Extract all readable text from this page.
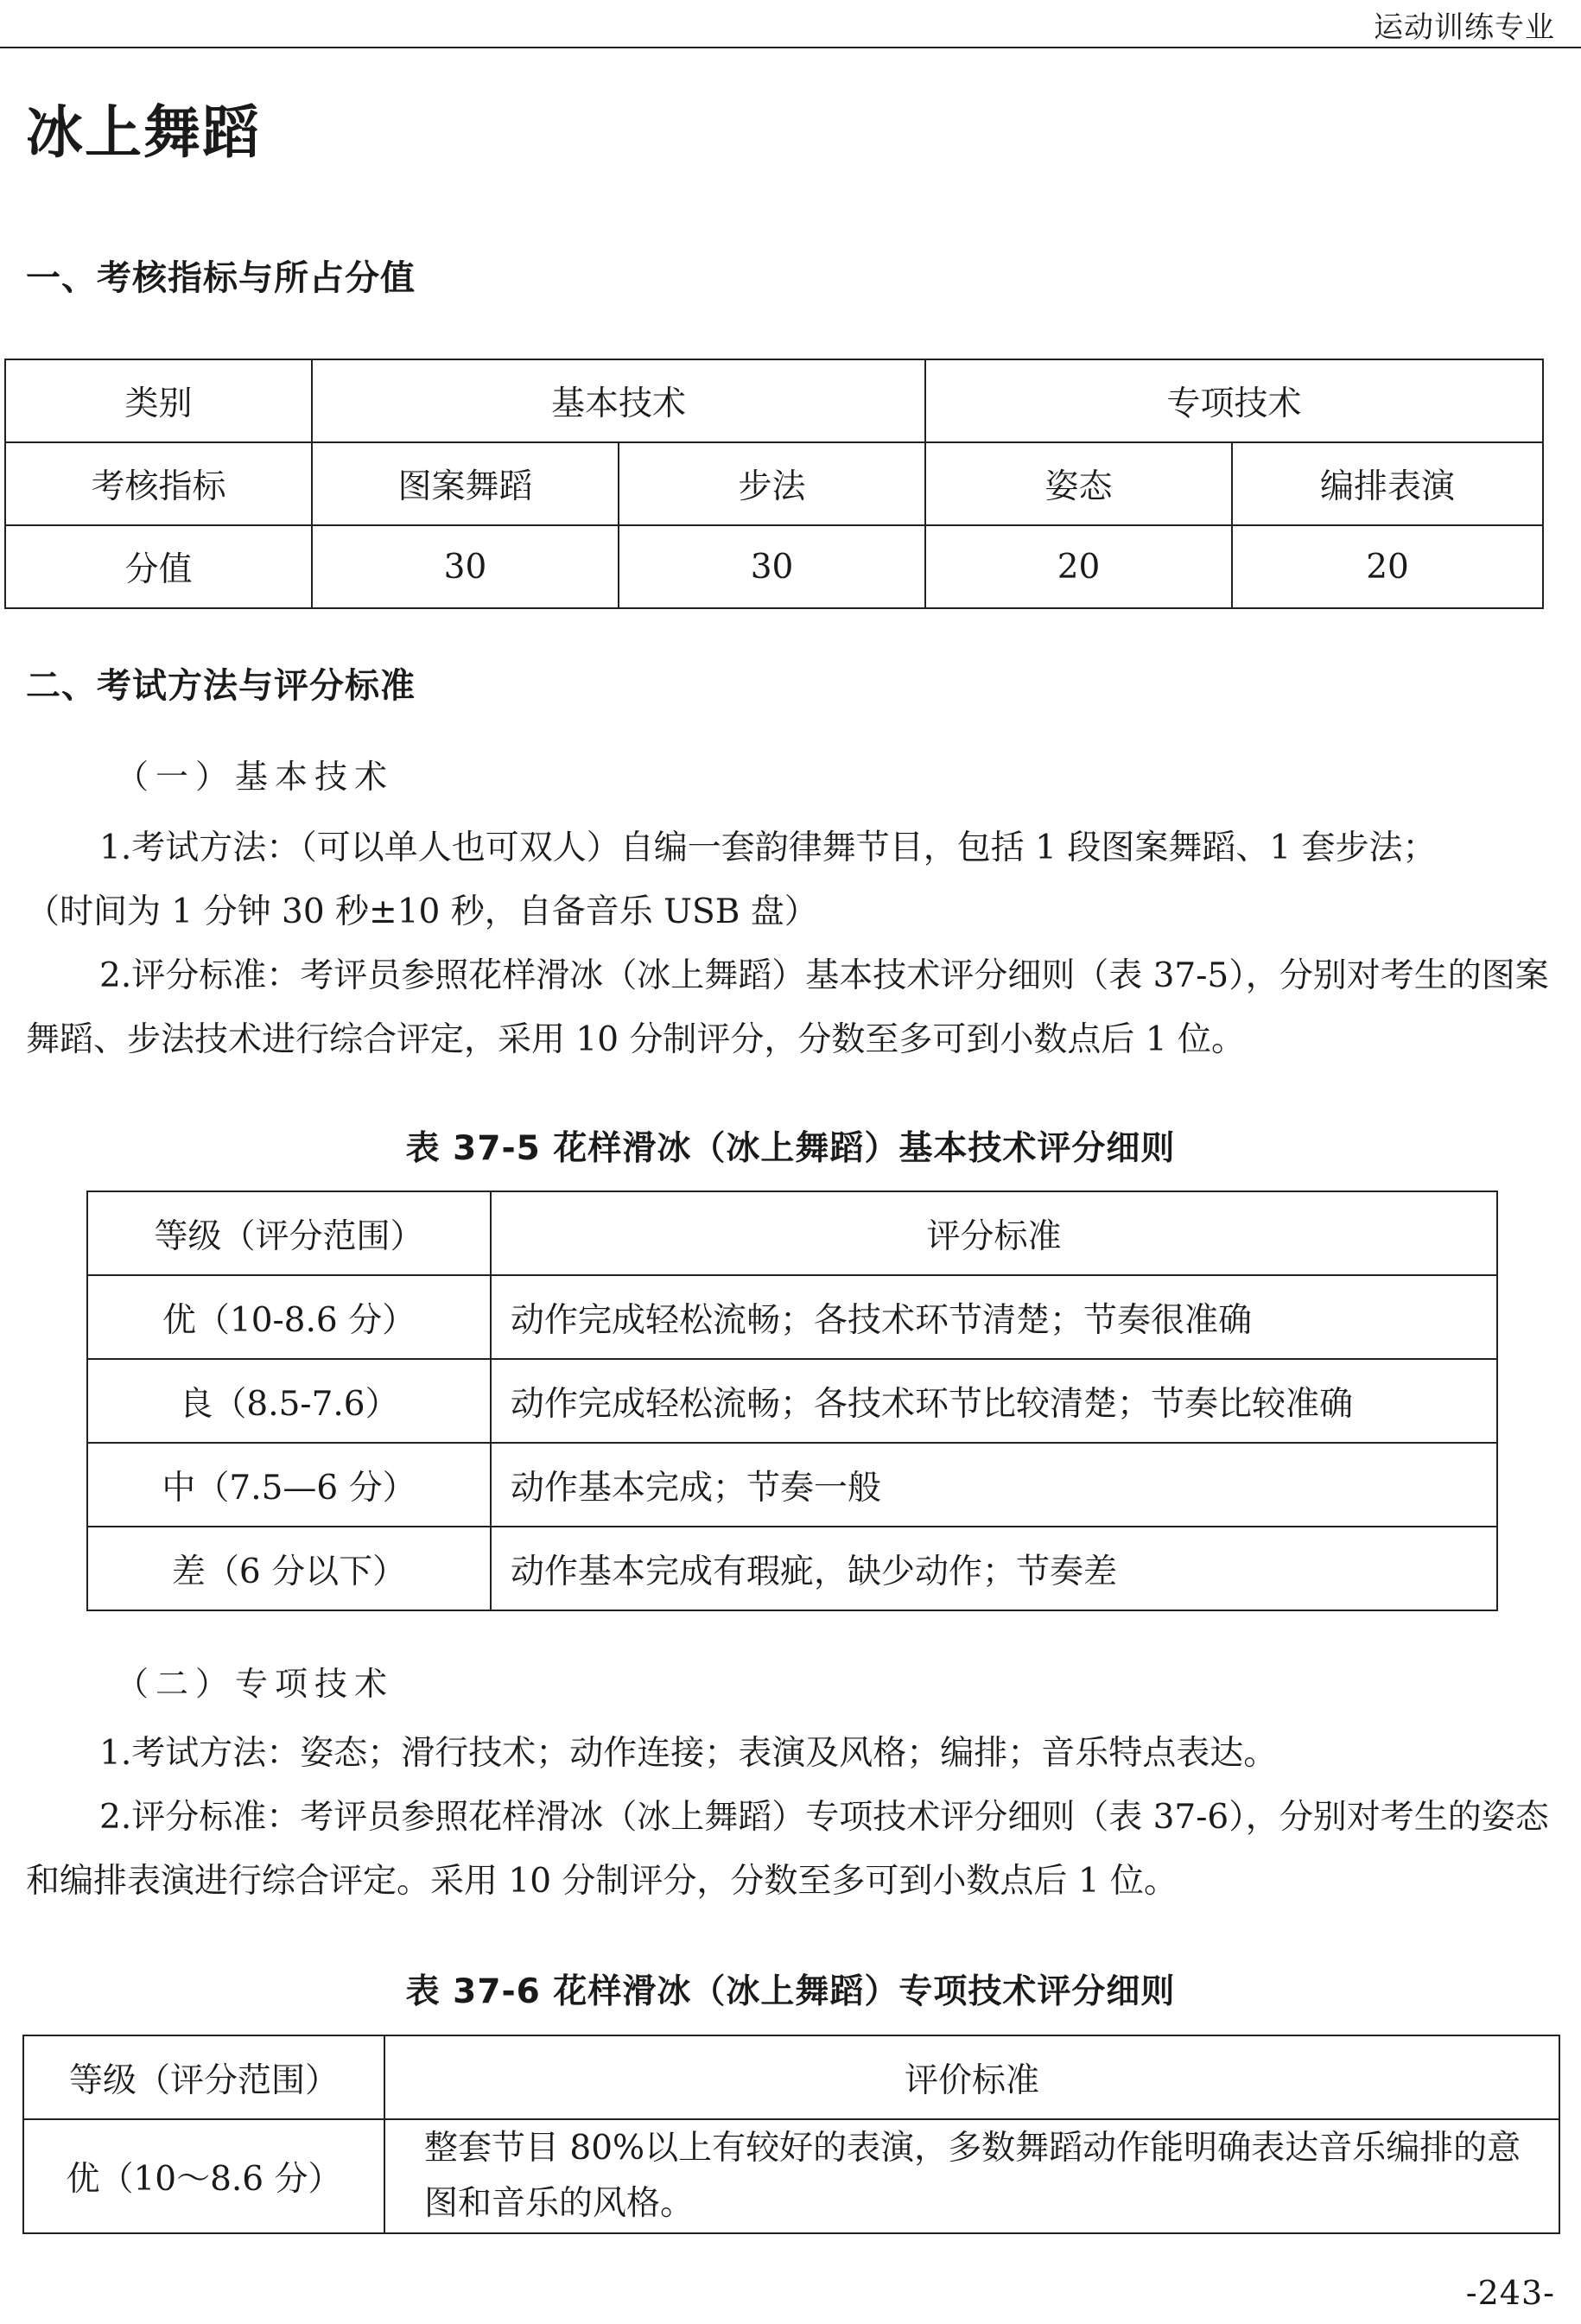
运动训练专业
冰上舞蹈
一、考核指标与所占分值
类别	基本技术		专项技术	
考核指标	图案舞蹈	步法	姿态	编排表演
分值	30	30	20	20
二、考试方法与评分标准
（一）基本技术

1.考试方法：（可以单人也可双人）自编一套韵律舞节目，包括 1 段图案舞蹈、1 套步法；

（时间为 1 分钟 30 秒±10 秒，自备音乐 USB 盘）

2.评分标准：考评员参照花样滑冰（冰上舞蹈）基本技术评分细则（表 37-5），分别对考生的图案舞蹈、步法技术进行综合评定，采用 10 分制评分，分数至多可到小数点后 1 位。

表 37-5 花样滑冰（冰上舞蹈）基本技术评分细则
等级（评分范围）	评分标准
优（10-8.6 分）	动作完成轻松流畅；各技术环节清楚；节奏很准确
良（8.5-7.6）	动作完成轻松流畅；各技术环节比较清楚；节奏比较准确
中（7.5—6 分）	动作基本完成；节奏一般
差（6 分以下）	动作基本完成有瑕疵，缺少动作；节奏差
（二）专项技术

1.考试方法：姿态；滑行技术；动作连接；表演及风格；编排；音乐特点表达。

2.评分标准：考评员参照花样滑冰（冰上舞蹈）专项技术评分细则（表 37-6），分别对考生的姿态和编排表演进行综合评定。采用 10 分制评分，分数至多可到小数点后 1 位。

表 37-6 花样滑冰（冰上舞蹈）专项技术评分细则
等级（评分范围）	评价标准
优（10～8.6 分）	整套节目 80%以上有较好的表演，多数舞蹈动作能明确表达音乐编排的意图和音乐的风格。
-243-
